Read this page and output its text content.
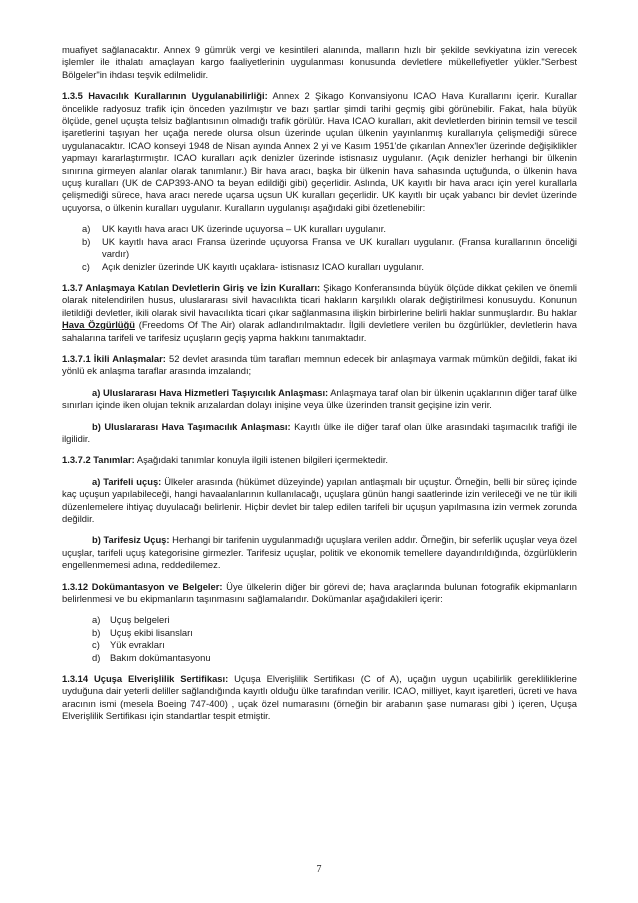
muafiyet sağlanacaktır. Annex 9 gümrük vergi ve kesintileri alanında, malların hızlı bir şekilde sevkiyatına izin verecek işlemler ile ithalatı amaçlayan kargo faaliyetlerinin uygulanması konusunda devletlere mükellefiyetler yükler."Serbest Bölgeler"in ihdası teşvik edilmelidir.

1.3.5 Havacılık Kurallarının Uygulanabilirliği: Annex 2 Şikago Konvansiyonu ICAO Hava Kurallarını içerir. Kurallar öncelikle radyosuz trafik için önceden yazılmıştır ve bazı şartlar şimdi tarihi geçmiş gibi görünebilir. Fakat, hala büyük ölçüde, genel uçuşta telsiz bağlantısının olmadığı trafik görülür. Hava ICAO kuralları, akit devletlerden birinin temsil ve tescil işaretlerini taşıyan her uçağa nerede olursa olsun üzerinde uçulan ülkenin yayınlanmış kurallarıyla çelişmediği sürece uygulanacaktır. ICAO konseyi 1948 de Nisan ayında Annex 2 yi ve Kasım 1951'de çıkarılan Annex'ler üzerinde değişiklikler yapmayı kararlaştırmıştır. ICAO kuralları açık denizler üzerinde istisnasız uygulanır. (Açık denizler herhangi bir ülkenin sınırına girmeyen alanlar olarak tanımlanır.) Bir hava aracı, başka bir ülkenin hava sahasında uçtuğunda, o ülkenin hava uçuş kuralları (UK de CAP393-ANO ta beyan edildiği gibi) geçerlidir. Aslında, UK kayıtlı bir hava aracı için yerel kurallarla çelişmediği sürece, hava aracı nerede uçarsa uçsun UK kuralları geçerlidir. UK kayıtlı bir uçak yabancı bir devlet üzerinde uçuyorsa, o ülkenin kuralları uygulanır. Kuralların uygulanışı aşağıdaki gibi özetlenebilir:

a) UK kayıtlı hava aracı UK üzerinde uçuyorsa – UK kuralları uygulanır.
b) UK kayıtlı hava aracı Fransa üzerinde uçuyorsa Fransa ve UK kuralları uygulanır. (Fransa kurallarının önceliği vardır)
c) Açık denizler üzerinde UK kayıtlı uçaklara- istisnasız ICAO kuralları uygulanır.

1.3.7 Anlaşmaya Katılan Devletlerin Giriş ve İzin Kuralları: Şikago Konferansında büyük ölçüde dikkat çekilen ve önemli olarak nitelendirilen husus, uluslararası sivil havacılıkta ticari hakların karşılıklı olarak değiştirilmesi konusuydu. Konunun iletildiği devletler, ikili olarak sivil havacılıkta ticari çıkar sağlanmasına ilişkin birbirlerine belirli haklar sunmuşlardır. Bu haklar Hava Özgürlüğü (Freedoms Of The Air) olarak adlandırılmaktadır. İlgili devletlere verilen bu özgürlükler, devletlerin hava sahalarına tarifeli ve tarifesiz uçuşların geçiş yapma hakkını tanımaktadır.

1.3.7.1 İkili Anlaşmalar: 52 devlet arasında tüm tarafları memnun edecek bir anlaşmaya varmak mümkün değildi, fakat iki yönlü ek anlaşma taraflar arasında imzalandı;

a) Uluslararası Hava Hizmetleri Taşıyıcılık Anlaşması: Anlaşmaya taraf olan bir ülkenin uçaklarının diğer taraf ülke sınırları içinde iken olujan teknik arızalardan dolayı inişine veya ülke üzerinden transit geçişine izin verir.

b) Uluslararası Hava Taşımacılık Anlaşması: Kayıtlı ülke ile diğer taraf olan ülke arasındaki taşımacılık trafiği ile ilgilidir.

1.3.7.2 Tanımlar: Aşağıdaki tanımlar konuyla ilgili istenen bilgileri içermektedir.

a) Tarifeli uçuş: Ülkeler arasında (hükümet düzeyinde) yapılan antlaşmalı bir uçuştur. Örneğin, belli bir süreç içinde kaç uçuşun yapılabileceği, hangi havaalanlarının kullanılacağı, uçuşlara günün hangi saatlerinde izin verileceği ve ne tür ikili düzenlemelere ihtiyaç duyulacağı belirlenir. Hiçbir devlet bir talep edilen tarifeli bir uçuşun yapılmasına izin vermek zorunda değildir.

b) Tarifesiz Uçuş: Herhangi bir tarifenin uygulanmadığı uçuşlara verilen addır. Örneğin, bir seferlik uçuşlar veya özel uçuşlar, tarifeli uçuş kategorisine girmezler. Tarifesiz uçuşlar, politik ve ekonomik temellere dayandırıldığında, özgürlüklerin engellenmemesi adına, reddedilemez.

1.3.12 Dokümantasyon ve Belgeler: Üye ülkelerin diğer bir görevi de; hava araçlarında bulunan fotografik ekipmanların belirlenmesi ve bu ekipmanların taşınmasını sağlamalarıdır. Dokümanlar aşağıdakileri içerir:

a) Uçuş belgeleri
b) Uçuş ekibi lisansları
c) Yük evrakları
d) Bakım dokümantasyonu

1.3.14 Uçuşa Elverişlilik Sertifikası: Uçuşa Elverişlilik Sertifikası (C of A), uçağın uygun uçabilirlik gerekliliklerine uyduğuna dair yeterli deliller sağlandığında kayıtlı olduğu ülke tarafından verilir. ICAO, milliyet, kayıt işaretleri, ücreti ve hava aracının ismi (mesela Boeing 747-400) , uçak özel numarasını (örneğin bir arabanın şase numarası gibi ) içeren, Uçuşa Elverişlilik Sertifikası için standartlar tespit etmiştir.

7
